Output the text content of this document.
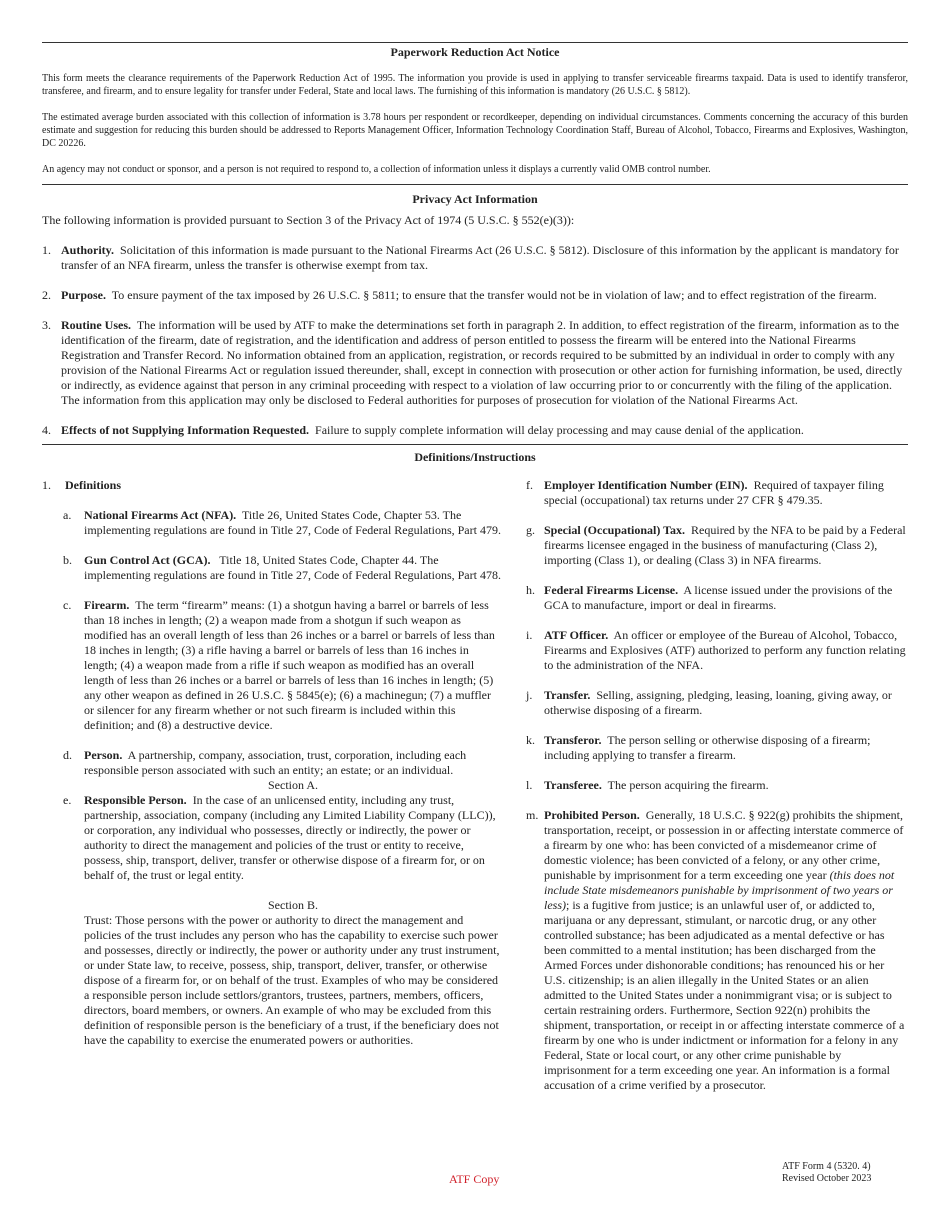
Paperwork Reduction Act Notice

This form meets the clearance requirements of the Paperwork Reduction Act of 1995. The information you provide is used in applying to transfer serviceable firearms taxpaid. Data is used to identify transferor, transferee, and firearm, and to ensure legality for transfer under Federal, State and local laws. The furnishing of this information is mandatory (26 U.S.C. § 5812).

The estimated average burden associated with this collection of information is 3.78 hours per respondent or recordkeeper, depending on individual circumstances. Comments concerning the accuracy of this burden estimate and suggestion for reducing this burden should be addressed to Reports Management Officer, Information Technology Coordination Staff, Bureau of Alcohol, Tobacco, Firearms and Explosives, Washington, DC 20226.

An agency may not conduct or sponsor, and a person is not required to respond to, a collection of information unless it displays a currently valid OMB control number.

Privacy Act Information

The following information is provided pursuant to Section 3 of the Privacy Act of 1974 (5 U.S.C. § 552(e)(3)):

1. Authority. Solicitation of this information is made pursuant to the National Firearms Act (26 U.S.C. § 5812). Disclosure of this information by the applicant is mandatory for transfer of an NFA firearm, unless the transfer is otherwise exempt from tax.
2. Purpose. To ensure payment of the tax imposed by 26 U.S.C. § 5811; to ensure that the transfer would not be in violation of law; and to effect registration of the firearm.
3. Routine Uses. The information will be used by ATF to make the determinations set forth in paragraph 2. In addition, to effect registration of the firearm, information as to the identification of the firearm, date of registration, and the identification and address of person entitled to possess the firearm will be entered into the National Firearms Registration and Transfer Record. No information obtained from an application, registration, or records required to be submitted by an individual in order to comply with any provision of the National Firearms Act or regulation issued thereunder, shall, except in connection with prosecution or other action for furnishing information, be used, directly or indirectly, as evidence against that person in any criminal proceeding with respect to a violation of law occurring prior to or concurrently with the filing of the application. The information from this application may only be disclosed to Federal authorities for purposes of prosecution for violation of the National Firearms Act.
4. Effects of not Supplying Information Requested. Failure to supply complete information will delay processing and may cause denial of the application.
Definitions/Instructions
1.	Definitions
a.	National Firearms Act (NFA). Title 26, United States Code, Chapter 53. The implementing regulations are found in Title 27, Code of Federal Regulations, Part 479.
b.	Gun Control Act (GCA). Title 18, United States Code, Chapter 44. The implementing regulations are found in Title 27, Code of Federal Regulations, Part 478.
c.	Firearm. The term “firearm” means: (1) a shotgun having a barrel or barrels of less than 18 inches in length; (2) a weapon made from a shotgun if such weapon as modified has an overall length of less than 26 inches or a barrel or barrels of less than 18 inches in length; (3) a rifle having a barrel or barrels of less than 16 inches in length; (4) a weapon made from a rifle if such weapon as modified has an overall length of less than 26 inches or a barrel or barrels of less than 16 inches in length; (5) any other weapon as defined in 26 U.S.C. § 5845(e); (6) a machinegun; (7) a muffler or silencer for any firearm whether or not such firearm is included within this definition; and (8) a destructive device.
d.	Person. A partnership, company, association, trust, corporation, including each responsible person associated with such an entity; an estate; or an individual.
Section A.
e.	Responsible Person. In the case of an unlicensed entity, including any trust, partnership, association, company (including any Limited Liability Company (LLC)), or corporation, any individual who possesses, directly or indirectly, the power or authority to direct the management and policies of the trust or entity to receive, possess, ship, transport, deliver, transfer or otherwise dispose of a firearm for, or on behalf of, the trust or legal entity.
Section B.
Trust: Those persons with the power or authority to direct the management and policies of the trust includes any person who has the capability to exercise such power and possesses, directly or indirectly, the power or authority under any trust instrument, or under State law, to receive, possess, ship, transport, deliver, transfer, or otherwise dispose of a firearm for, or on behalf of the trust. Examples of who may be considered a responsible person include settlors/grantors, trustees, partners, members, officers, directors, board members, or owners. An example of who may be excluded from this definition of responsible person is the beneficiary of a trust, if the beneficiary does not have the capability to exercise the enumerated powers or authorities.
f. Employer Identification Number (EIN). Required of taxpayer filing special (occupational) tax returns under 27 CFR § 479.35.
g. Special (Occupational) Tax. Required by the NFA to be paid by a Federal firearms licensee engaged in the business of manufacturing (Class 2), importing (Class 1), or dealing (Class 3) in NFA firearms.
h. Federal Firearms License. A license issued under the provisions of the GCA to manufacture, import or deal in firearms.
i. ATF Officer. An officer or employee of the Bureau of Alcohol, Tobacco, Firearms and Explosives (ATF) authorized to perform any function relating to the administration of the NFA.
j. Transfer. Selling, assigning, pledging, leasing, loaning, giving away, or otherwise disposing of a firearm.
k. Transferor. The person selling or otherwise disposing of a firearm; including applying to transfer a firearm.
l. Transferee. The person acquiring the firearm.
m. Prohibited Person. Generally, 18 U.S.C. § 922(g) prohibits the shipment, transportation, receipt, or possession in or affecting interstate commerce of a firearm by one who: has been convicted of a misdemeanor crime of domestic violence; has been convicted of a felony, or any other crime, punishable by imprisonment for a term exceeding one year (this does not include State misdemeanors punishable by imprisonment of two years or less); is a fugitive from justice; is an unlawful user of, or addicted to, marijuana or any depressant, stimulant, or narcotic drug, or any other controlled substance; has been adjudicated as a mental defective or has been committed to a mental institution; has been discharged from the Armed Forces under dishonorable conditions; has renounced his or her U.S. citizenship; is an alien illegally in the United States or an alien admitted to the United States under a nonimmigrant visa; or is subject to certain restraining orders. Furthermore, Section 922(n) prohibits the shipment, transportation, or receipt in or affecting interstate commerce of a firearm by one who is under indictment or information for a felony in any Federal, State or local court, or any other crime punishable by imprisonment for a term exceeding one year. An information is a formal accusation of a crime verified by a prosecutor.
ATF Copy
ATF Form 4 (5320. 4)
Revised October 2023
